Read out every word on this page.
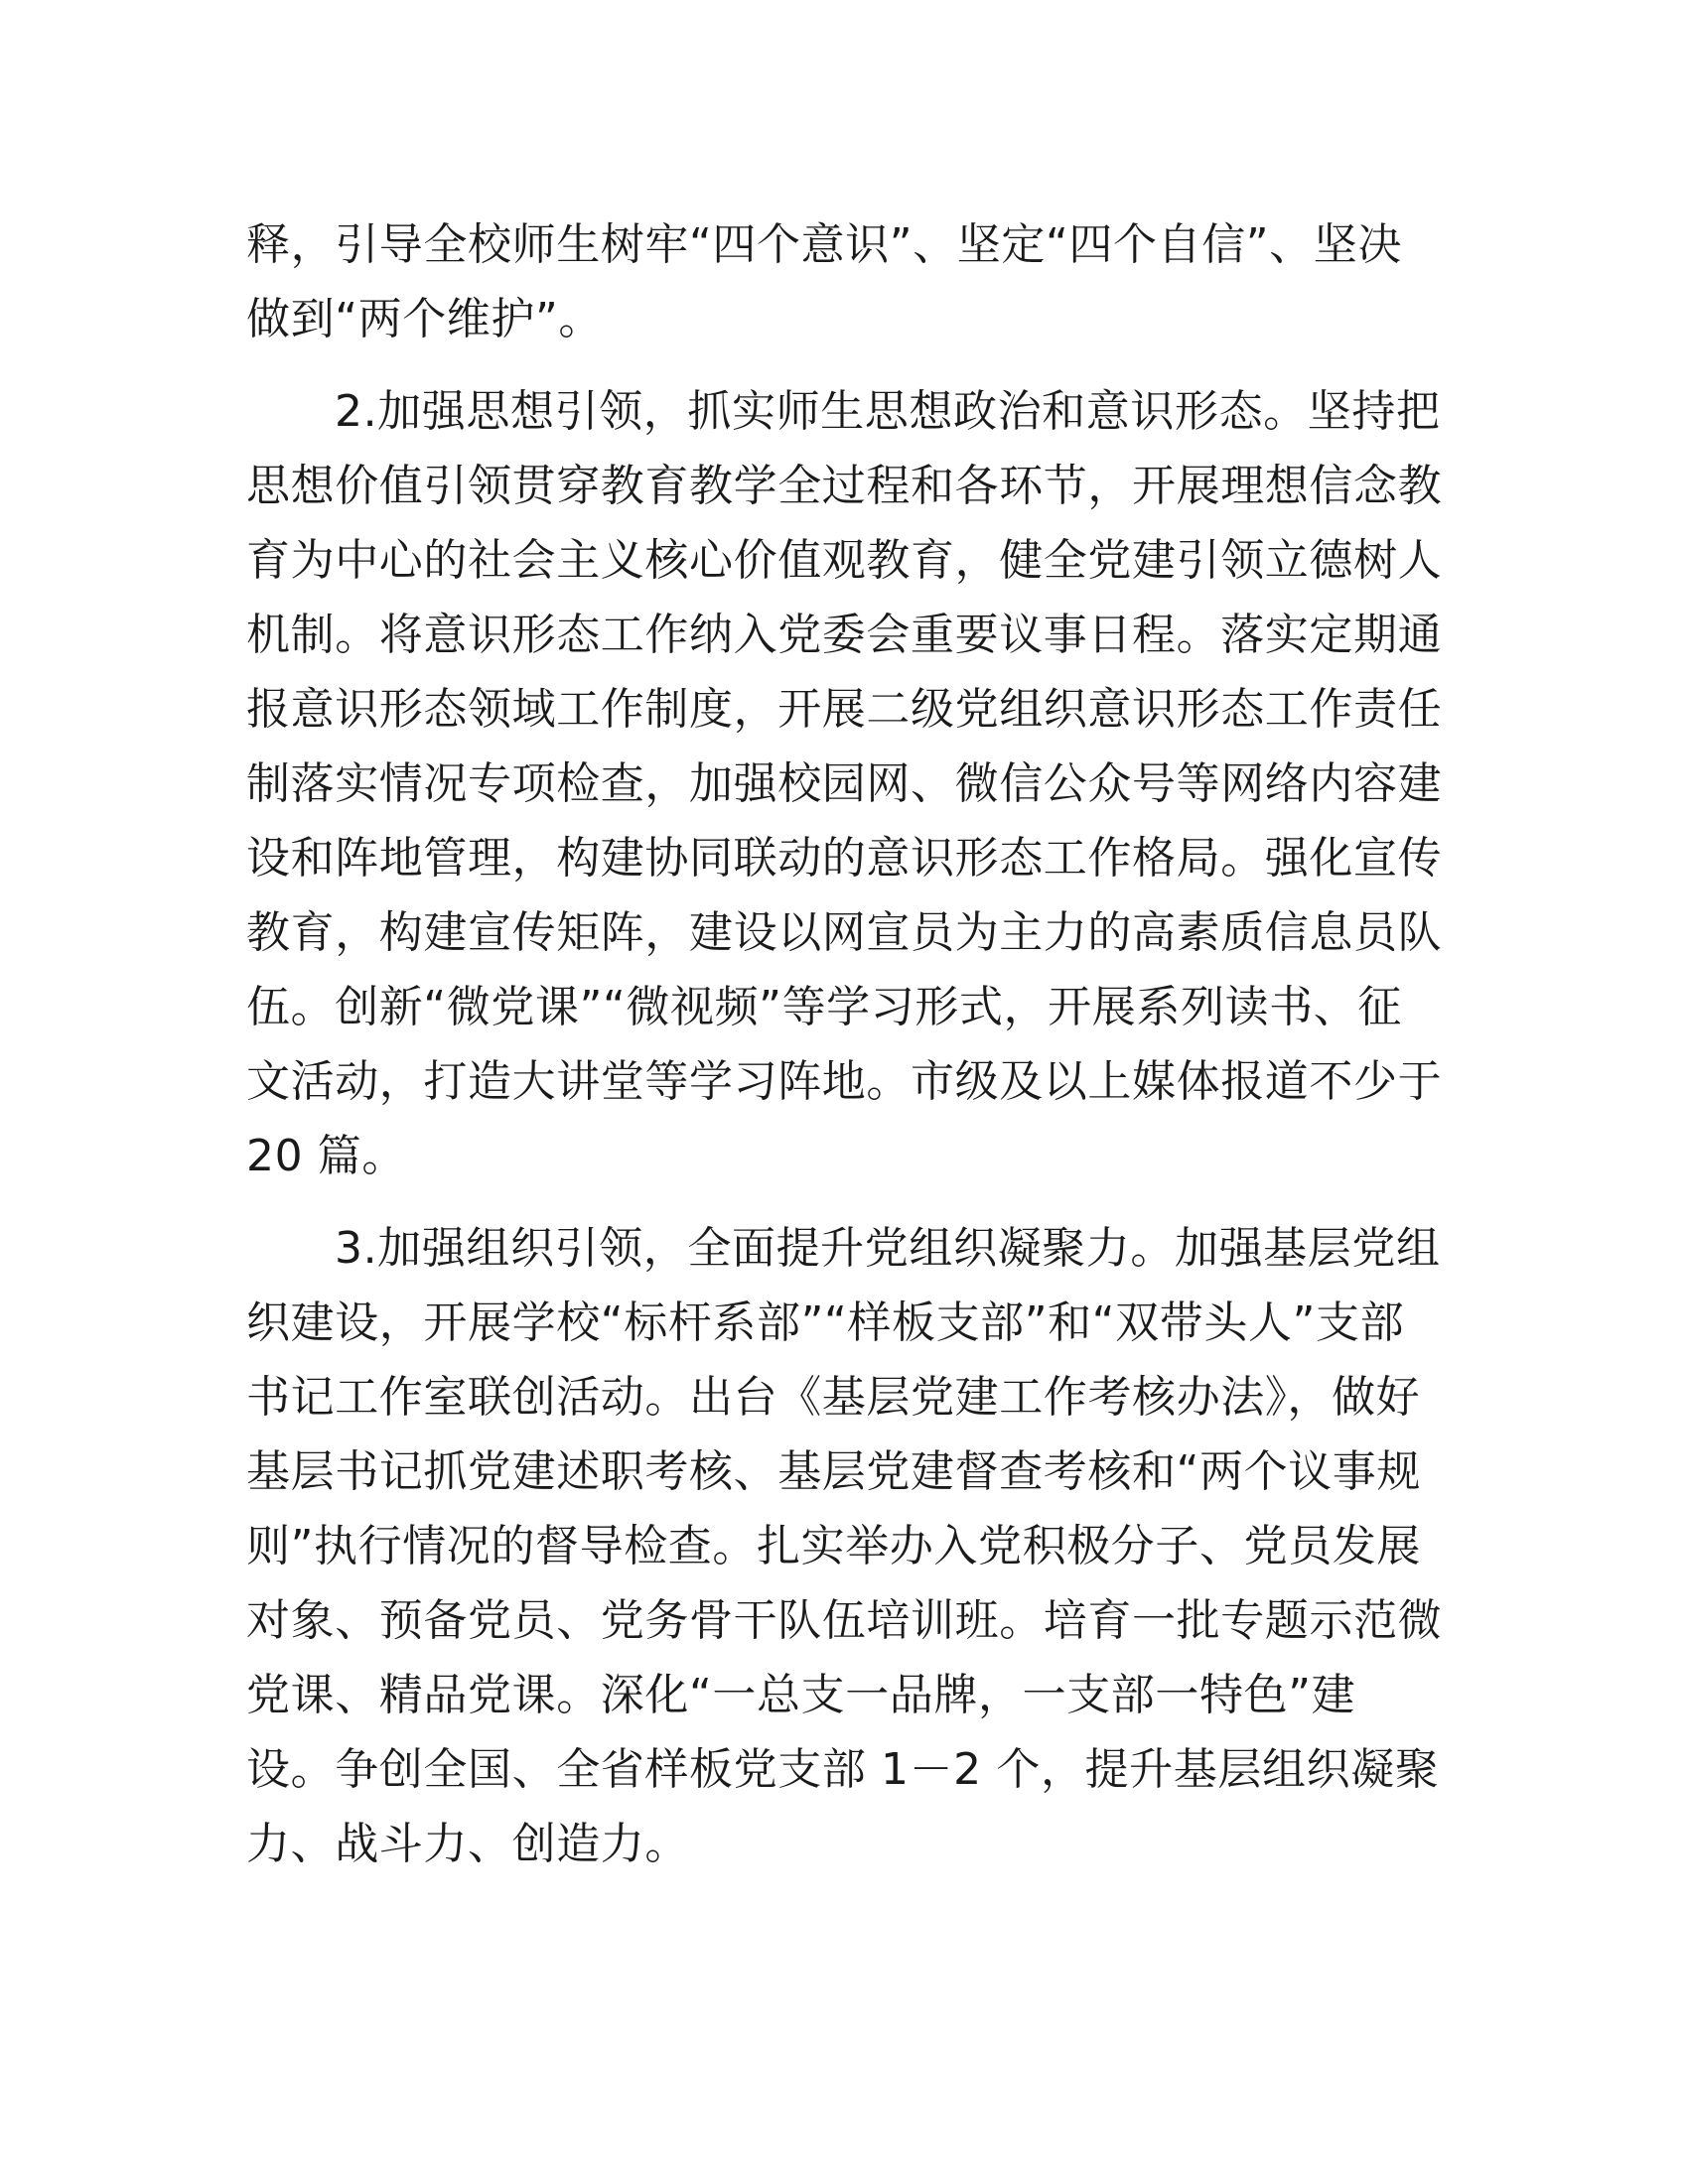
释，引导全校师生树牢“四个意识”、坚定“四个自信”、坚决
做到“两个维护”。
2.加强思想引领，抓实师生思想政治和意识形态。坚持把
思想价值引领贯穿教育教学全过程和各环节，开展理想信念教
育为中心的社会主义核心价值观教育，健全党建引领立德树人
机制。将意识形态工作纳入党委会重要议事日程。落实定期通
报意识形态领域工作制度，开展二级党组织意识形态工作责任
制落实情况专项检查，加强校园网、微信公众号等网络内容建
设和阵地管理，构建协同联动的意识形态工作格局。强化宣传
教育，构建宣传矩阵，建设以网宣员为主力的高素质信息员队
伍。创新“微党课”“微视频”等学习形式，开展系列读书、征
文活动，打造大讲堂等学习阵地。市级及以上媒体报道不少于
20 篇。
3.加强组织引领，全面提升党组织凝聚力。加强基层党组
织建设，开展学校“标杆系部”“样板支部”和“双带头人”支部
书记工作室联创活动。出台《基层党建工作考核办法》，做好
基层书记抓党建述职考核、基层党建督查考核和“两个议事规
则”执行情况的督导检查。扎实举办入党积极分子、党员发展
对象、预备党员、党务骨干队伍培训班。培育一批专题示范微
党课、精品党课。深化“一总支一品牌，一支部一特色”建
设。争创全国、全省样板党支部 1－2 个，提升基层组织凝聚
力、战斗力、创造力。
